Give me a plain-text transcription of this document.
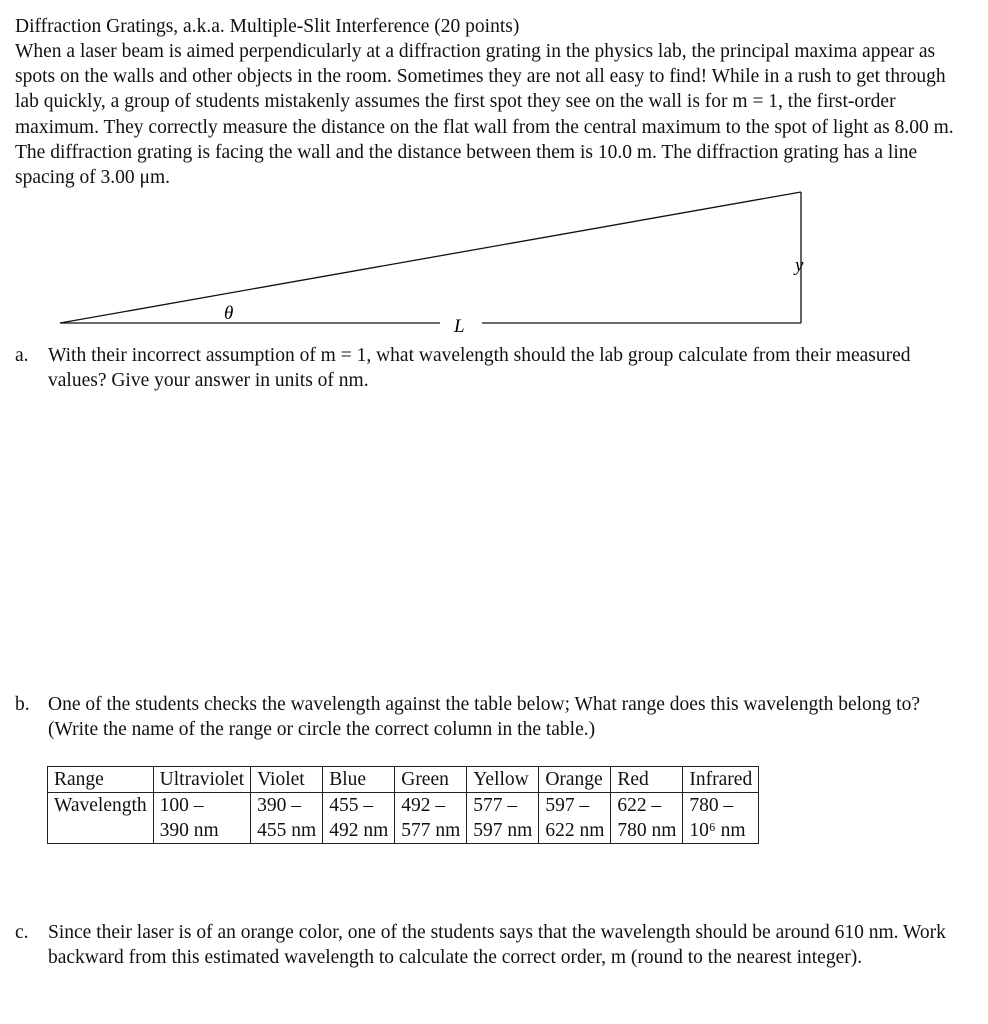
Diffraction Gratings, a.k.a. Multiple-Slit Interference (20 points)
When a laser beam is aimed perpendicularly at a diffraction grating in the physics lab, the principal maxima appear as spots on the walls and other objects in the room. Sometimes they are not all easy to find! While in a rush to get through lab quickly, a group of students mistakenly assumes the first spot they see on the wall is for m = 1, the first-order maximum. They correctly measure the distance on the flat wall from the central maximum to the spot of light as 8.00 m. The diffraction grating is facing the wall and the distance between them is 10.0 m. The diffraction grating has a line spacing of 3.00 μm.
θ
L
y
a. With their incorrect assumption of m = 1, what wavelength should the lab group calculate from their measured values? Give your answer in units of nm.
b. One of the students checks the wavelength against the table below; What range does this wavelength belong to? (Write the name of the range or circle the correct column in the table.)
Range	Ultraviolet	Violet	Blue	Green	Yellow	Orange	Red	Infrared
Wavelength	100 –	390 –	455 –	492 –	577 –	597 –	622 –	780 –
	390 nm	455 nm	492 nm	577 nm	597 nm	622 nm	780 nm	10⁶ nm
c. Since their laser is of an orange color, one of the students says that the wavelength should be around 610 nm. Work backward from this estimated wavelength to calculate the correct order, m (round to the nearest integer).
